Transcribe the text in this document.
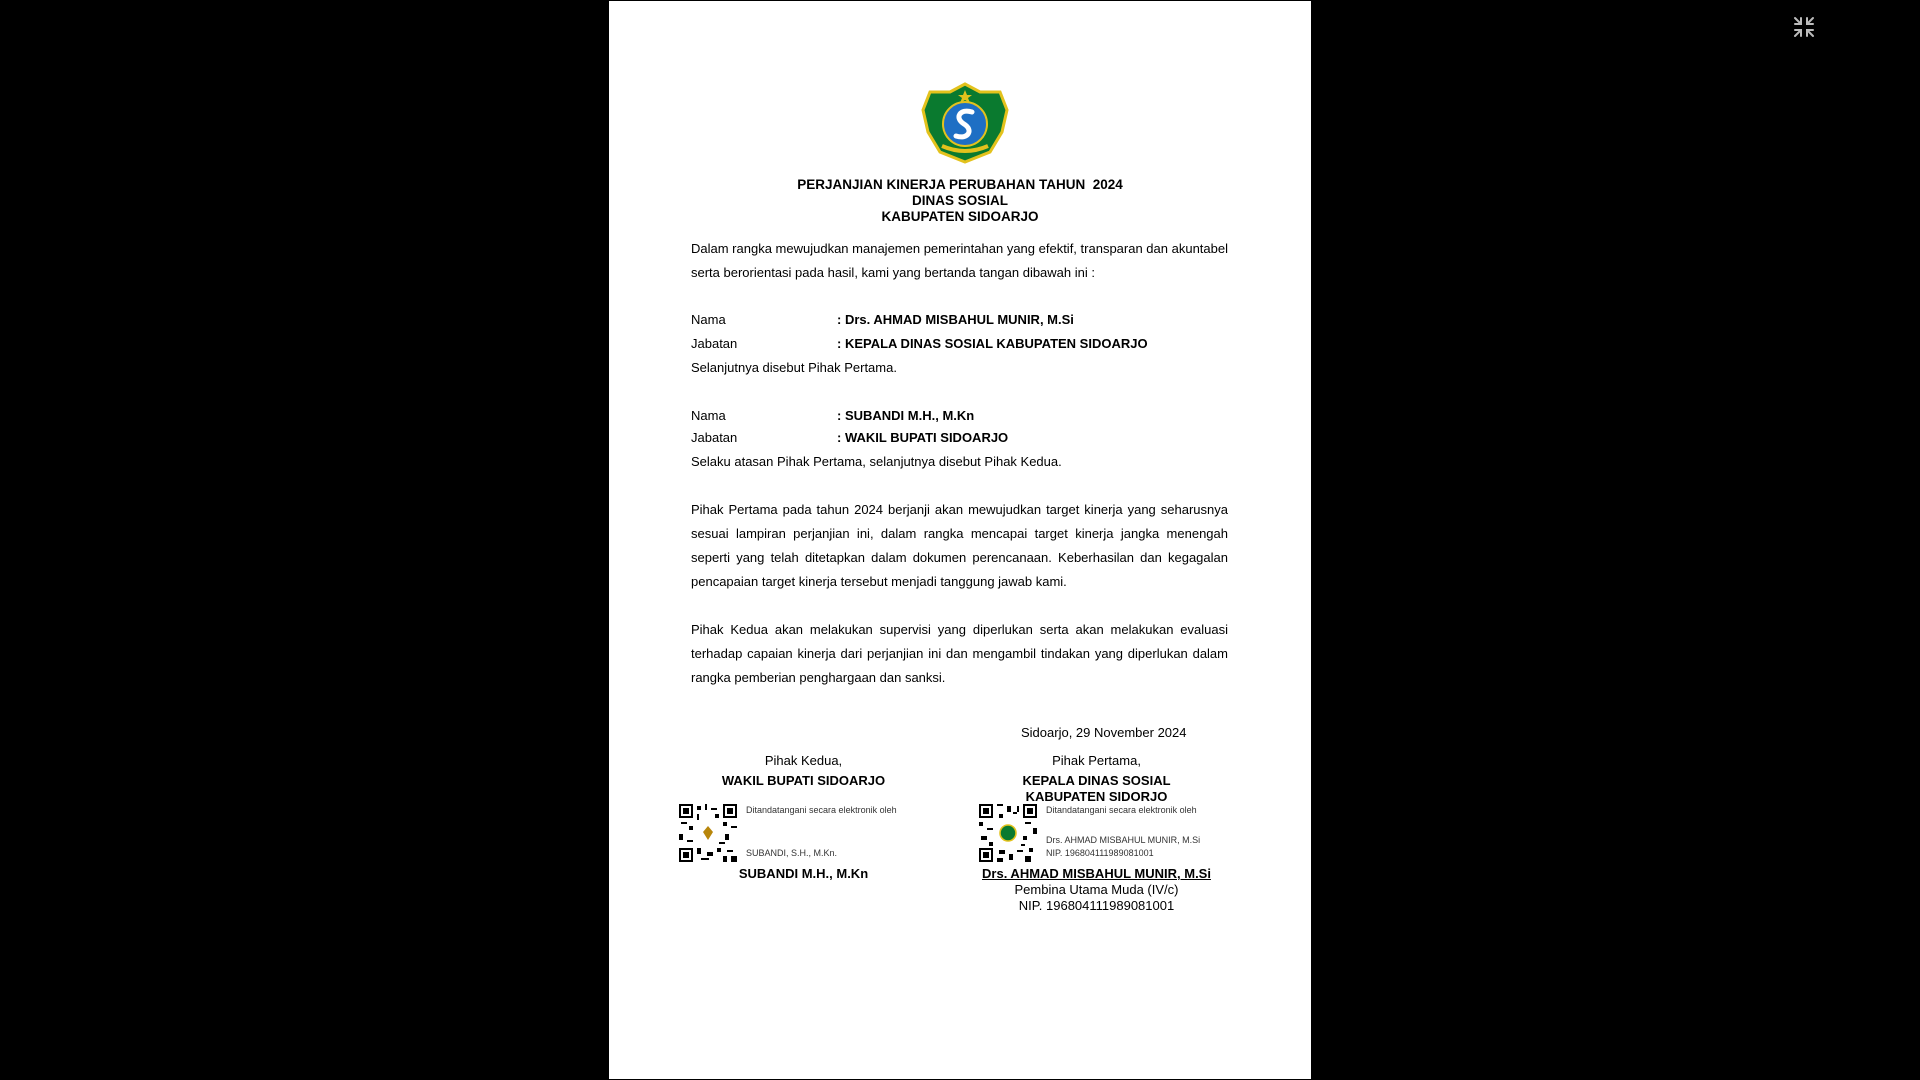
PERJANJIAN KINERJA PERUBAHAN TAHUN  2024
DINAS SOSIAL
KABUPATEN SIDOARJO
Dalam rangka mewujudkan manajemen pemerintahan yang efektif, transparan dan akuntabel serta berorientasi pada hasil, kami yang bertanda tangan dibawah ini :
Nama	: Drs. AHMAD MISBAHUL MUNIR, M.Si
Jabatan	: KEPALA DINAS SOSIAL KABUPATEN SIDOARJO
Selanjutnya disebut Pihak Pertama.
Nama	: SUBANDI M.H., M.Kn
Jabatan	: WAKIL BUPATI SIDOARJO
Selaku atasan Pihak Pertama, selanjutnya disebut Pihak Kedua.
Pihak Pertama pada tahun 2024 berjanji akan mewujudkan target kinerja yang seharusnya sesuai lampiran perjanjian ini, dalam rangka mencapai target kinerja jangka menengah seperti yang telah ditetapkan dalam dokumen perencanaan. Keberhasilan dan kegagalan pencapaian target kinerja tersebut menjadi tanggung jawab kami.
Pihak Kedua akan melakukan supervisi yang diperlukan serta akan melakukan evaluasi terhadap capaian kinerja dari perjanjian ini dan mengambil tindakan yang diperlukan dalam rangka pemberian penghargaan dan sanksi.
Sidoarjo, 29 November 2024
Pihak Kedua,
WAKIL BUPATI SIDOARJO
Ditandatangani secara elektronik oleh
SUBANDI, S.H., M.Kn.
SUBANDI M.H., M.Kn
Pihak Pertama,
KEPALA DINAS SOSIAL
KABUPATEN SIDORJO
Ditandatangani secara elektronik oleh
Drs. AHMAD MISBAHUL MUNIR, M.Si
NIP. 196804111989081001
Drs. AHMAD MISBAHUL MUNIR, M.Si
Pembina Utama Muda (IV/c)
NIP. 196804111989081001
